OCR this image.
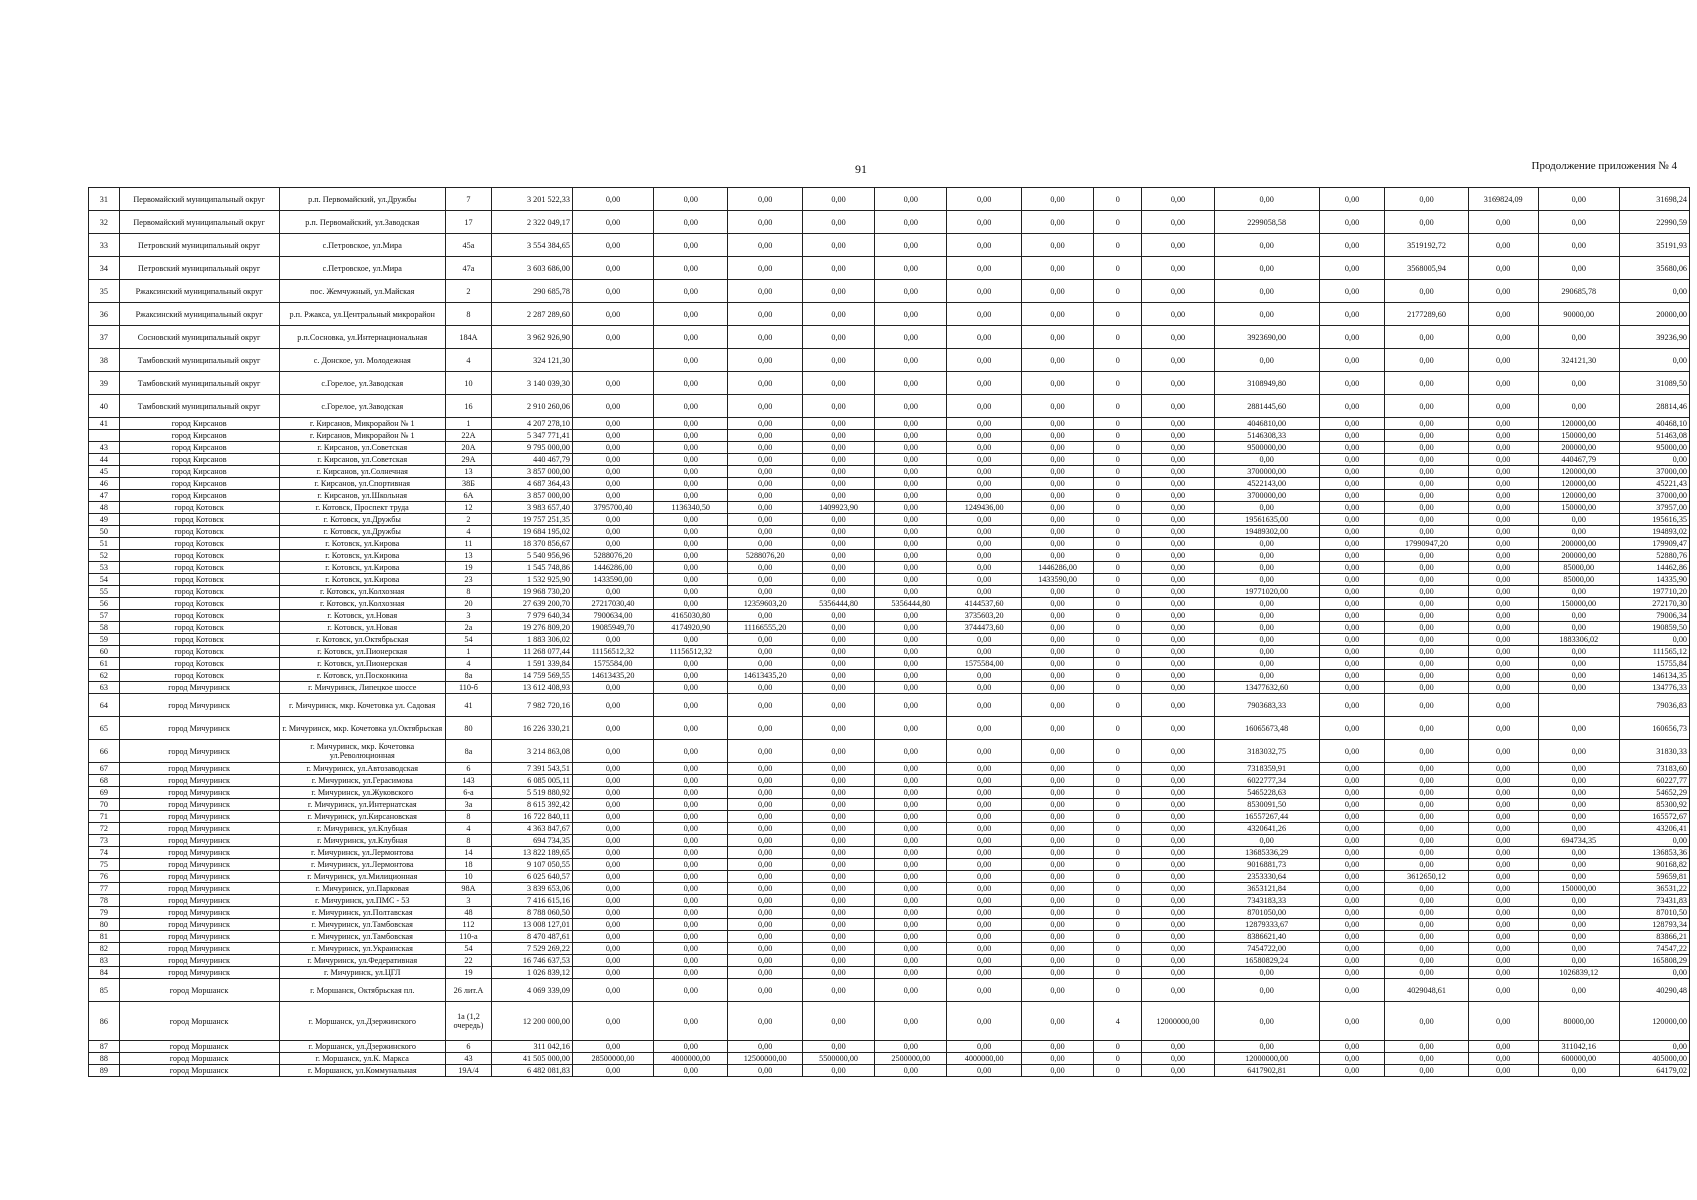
91	Продолжение приложения № 4
31	Первомайский муниципальный округ	р.п. Первомайский, ул.Дружбы	7	3 201 522,33	0,00	0,00	0,00	0,00	0,00	0,00	0,00	0	0,00	0,00	0,00	0,00	3169824,09	0,00	31698,24
32	Первомайский муниципальный округ	р.п. Первомайский, ул.Заводская	17	2 322 049,17	0,00	0,00	0,00	0,00	0,00	0,00	0,00	0	0,00	2299058,58	0,00	0,00	0,00	0,00	22990,59
33	Петровский муниципальный округ	с.Петровское, ул.Мира	45а	3 554 384,65	0,00	0,00	0,00	0,00	0,00	0,00	0,00	0	0,00	0,00	0,00	3519192,72	0,00	0,00	35191,93
34	Петровский муниципальный округ	с.Петровское, ул.Мира	47а	3 603 686,00	0,00	0,00	0,00	0,00	0,00	0,00	0,00	0	0,00	0,00	0,00	3568005,94	0,00	0,00	35680,06
35	Ржаксинский муниципальный округ	пос. Жемчужный, ул.Майская	2	290 685,78	0,00	0,00	0,00	0,00	0,00	0,00	0,00	0	0,00	0,00	0,00	0,00	0,00	290685,78	0,00
36	Ржаксинский муниципальный округ	р.п. Ржакса, ул.Центральный микрорайон	8	2 287 289,60	0,00	0,00	0,00	0,00	0,00	0,00	0,00	0	0,00	0,00	0,00	2177289,60	0,00	90000,00	20000,00
37	Сосновский муниципальный округ	р.п.Сосновка, ул.Интернациональная	184А	3 962 926,90	0,00	0,00	0,00	0,00	0,00	0,00	0,00	0	0,00	3923690,00	0,00	0,00	0,00	0,00	39236,90
38	Тамбовский муниципальный округ	с. Донское, ул. Молодежная	4	324 121,30		0,00	0,00	0,00	0,00	0,00	0,00	0	0,00	0,00	0,00	0,00	0,00	324121,30	0,00
39	Тамбовский муниципальный округ	с.Горелое, ул.Заводская	10	3 140 039,30	0,00	0,00	0,00	0,00	0,00	0,00	0,00	0	0,00	3108949,80	0,00	0,00	0,00	0,00	31089,50
40	Тамбовский муниципальный округ	с.Горелое, ул.Заводская	16	2 910 260,06	0,00	0,00	0,00	0,00	0,00	0,00	0,00	0	0,00	2881445,60	0,00	0,00	0,00	0,00	28814,46
41	город Кирсанов	г. Кирсанов, Микрорайон № 1	1	4 207 278,10	0,00	0,00	0,00	0,00	0,00	0,00	0,00	0	0,00	4046810,00	0,00	0,00	0,00	120000,00	40468,10
	город Кирсанов	г. Кирсанов, Микрорайон № 1	22А	5 347 771,41	0,00	0,00	0,00	0,00	0,00	0,00	0,00	0	0,00	5146308,33	0,00	0,00	0,00	150000,00	51463,08
43	город Кирсанов	г. Кирсанов, ул.Советская	20А	9 795 000,00	0,00	0,00	0,00	0,00	0,00	0,00	0,00	0	0,00	9500000,00	0,00	0,00	0,00	200000,00	95000,00
44	город Кирсанов	г. Кирсанов, ул.Советская	29А	440 467,79	0,00	0,00	0,00	0,00	0,00	0,00	0,00	0	0,00	0,00	0,00	0,00	0,00	440467,79	0,00
45	город Кирсанов	г. Кирсанов, ул.Солнечная	13	3 857 000,00	0,00	0,00	0,00	0,00	0,00	0,00	0,00	0	0,00	3700000,00	0,00	0,00	0,00	120000,00	37000,00
46	город Кирсанов	г. Кирсанов, ул.Спортивная	38Б	4 687 364,43	0,00	0,00	0,00	0,00	0,00	0,00	0,00	0	0,00	4522143,00	0,00	0,00	0,00	120000,00	45221,43
47	город Кирсанов	г. Кирсанов, ул.Школьная	6А	3 857 000,00	0,00	0,00	0,00	0,00	0,00	0,00	0,00	0	0,00	3700000,00	0,00	0,00	0,00	120000,00	37000,00
48	город Котовск	г. Котовск, Проспект труда	12	3 983 657,40	3795700,40	1136340,50	0,00	1409923,90	0,00	1249436,00	0,00	0	0,00	0,00	0,00	0,00	0,00	150000,00	37957,00
49	город Котовск	г. Котовск, ул.Дружбы	2	19 757 251,35	0,00	0,00	0,00	0,00	0,00	0,00	0,00	0	0,00	19561635,00	0,00	0,00	0,00	0,00	195616,35
50	город Котовск	г. Котовск, ул.Дружбы	4	19 684 195,02	0,00	0,00	0,00	0,00	0,00	0,00	0,00	0	0,00	19489302,00	0,00	0,00	0,00	0,00	194893,02
51	город Котовск	г. Котовск, ул.Кирова	11	18 370 856,67	0,00	0,00	0,00	0,00	0,00	0,00	0,00	0	0,00	0,00	0,00	17990947,20	0,00	200000,00	179909,47
52	город Котовск	г. Котовск, ул.Кирова	13	5 540 956,96	5288076,20	0,00	5288076,20	0,00	0,00	0,00	0,00	0	0,00	0,00	0,00	0,00	0,00	200000,00	52880,76
53	город Котовск	г. Котовск, ул.Кирова	19	1 545 748,86	1446286,00	0,00	0,00	0,00	0,00	0,00	1446286,00	0	0,00	0,00	0,00	0,00	0,00	85000,00	14462,86
54	город Котовск	г. Котовск, ул.Кирова	23	1 532 925,90	1433590,00	0,00	0,00	0,00	0,00	0,00	1433590,00	0	0,00	0,00	0,00	0,00	0,00	85000,00	14335,90
55	город Котовск	г. Котовск, ул.Колхозная	8	19 968 730,20	0,00	0,00	0,00	0,00	0,00	0,00	0,00	0	0,00	19771020,00	0,00	0,00	0,00	0,00	197710,20
56	город Котовск	г. Котовск, ул.Колхозная	20	27 639 200,70	27217030,40	0,00	12359603,20	5356444,80	5356444,80	4144537,60	0,00	0	0,00	0,00	0,00	0,00	0,00	150000,00	272170,30
57	город Котовск	г. Котовск, ул.Новая	3	7 979 640,34	7900634,00	4165030,80	0,00	0,00	0,00	3735603,20	0,00	0	0,00	0,00	0,00	0,00	0,00	0,00	79006,34
58	город Котовск	г. Котовск, ул.Новая	2а	19 276 809,20	19085949,70	4174920,90	11166555,20	0,00	0,00	3744473,60	0,00	0	0,00	0,00	0,00	0,00	0,00	0,00	190859,50
59	город Котовск	г. Котовск, ул.Октябрьская	54	1 883 306,02	0,00	0,00	0,00	0,00	0,00	0,00	0,00	0	0,00	0,00	0,00	0,00	0,00	1883306,02	0,00
60	город Котовск	г. Котовск, ул.Пионерская	1	11 268 077,44	11156512,32	11156512,32	0,00	0,00	0,00	0,00	0,00	0	0,00	0,00	0,00	0,00	0,00	0,00	111565,12
61	город Котовск	г. Котовск, ул.Пионерская	4	1 591 339,84	1575584,00	0,00	0,00	0,00	0,00	1575584,00	0,00	0	0,00	0,00	0,00	0,00	0,00	0,00	15755,84
62	город Котовск	г. Котовск, ул.Посконкина	8а	14 759 569,55	14613435,20	0,00	14613435,20	0,00	0,00	0,00	0,00	0	0,00	0,00	0,00	0,00	0,00	0,00	146134,35
63	город Мичуринск	г. Мичуринск, Липецкое шоссе	110-б	13 612 408,93	0,00	0,00	0,00	0,00	0,00	0,00	0,00	0	0,00	13477632,60	0,00	0,00	0,00	0,00	134776,33
64	город Мичуринск	г. Мичуринск, мкр. Кочетовка ул. Садовая	41	7 982 720,16	0,00	0,00	0,00	0,00	0,00	0,00	0,00	0	0,00	7903683,33	0,00	0,00	0,00		79036,83
65	город Мичуринск	г. Мичуринск, мкр. Кочетовка ул.Октябрьская	80	16 226 330,21	0,00	0,00	0,00	0,00	0,00	0,00	0,00	0	0,00	16065673,48	0,00	0,00	0,00	0,00	160656,73
66	город Мичуринск	г. Мичуринск, мкр. Кочетовка ул.Революционная	8а	3 214 863,08	0,00	0,00	0,00	0,00	0,00	0,00	0,00	0	0,00	3183032,75	0,00	0,00	0,00	0,00	31830,33
67	город Мичуринск	г. Мичуринск, ул.Автозаводская	6	7 391 543,51	0,00	0,00	0,00	0,00	0,00	0,00	0,00	0	0,00	7318359,91	0,00	0,00	0,00	0,00	73183,60
68	город Мичуринск	г. Мичуринск, ул.Герасимова	143	6 085 005,11	0,00	0,00	0,00	0,00	0,00	0,00	0,00	0	0,00	6022777,34	0,00	0,00	0,00	0,00	60227,77
69	город Мичуринск	г. Мичуринск, ул.Жуковского	6-а	5 519 880,92	0,00	0,00	0,00	0,00	0,00	0,00	0,00	0	0,00	5465228,63	0,00	0,00	0,00	0,00	54652,29
70	город Мичуринск	г. Мичуринск, ул.Интернатская	3а	8 615 392,42	0,00	0,00	0,00	0,00	0,00	0,00	0,00	0	0,00	8530091,50	0,00	0,00	0,00	0,00	85300,92
71	город Мичуринск	г. Мичуринск, ул.Кирсановская	8	16 722 840,11	0,00	0,00	0,00	0,00	0,00	0,00	0,00	0	0,00	16557267,44	0,00	0,00	0,00	0,00	165572,67
72	город Мичуринск	г. Мичуринск, ул.Клубная	4	4 363 847,67	0,00	0,00	0,00	0,00	0,00	0,00	0,00	0	0,00	4320641,26	0,00	0,00	0,00	0,00	43206,41
73	город Мичуринск	г. Мичуринск, ул.Клубная	8	694 734,35	0,00	0,00	0,00	0,00	0,00	0,00	0,00	0	0,00	0,00	0,00	0,00	0,00	694734,35	0,00
74	город Мичуринск	г. Мичуринск, ул.Лермонтова	14	13 822 189,65	0,00	0,00	0,00	0,00	0,00	0,00	0,00	0	0,00	13685336,29	0,00	0,00	0,00	0,00	136853,36
75	город Мичуринск	г. Мичуринск, ул.Лермонтова	18	9 107 050,55	0,00	0,00	0,00	0,00	0,00	0,00	0,00	0	0,00	9016881,73	0,00	0,00	0,00	0,00	90168,82
76	город Мичуринск	г. Мичуринск, ул.Милиционная	10	6 025 640,57	0,00	0,00	0,00	0,00	0,00	0,00	0,00	0	0,00	2353330,64	0,00	3612650,12	0,00	0,00	59659,81
77	город Мичуринск	г. Мичуринск, ул.Парковая	98А	3 839 653,06	0,00	0,00	0,00	0,00	0,00	0,00	0,00	0	0,00	3653121,84	0,00	0,00	0,00	150000,00	36531,22
78	город Мичуринск	г. Мичуринск, ул.ПМС - 53	3	7 416 615,16	0,00	0,00	0,00	0,00	0,00	0,00	0,00	0	0,00	7343183,33	0,00	0,00	0,00	0,00	73431,83
79	город Мичуринск	г. Мичуринск, ул.Полтавская	48	8 788 060,50	0,00	0,00	0,00	0,00	0,00	0,00	0,00	0	0,00	8701050,00	0,00	0,00	0,00	0,00	87010,50
80	город Мичуринск	г. Мичуринск, ул.Тамбовская	112	13 008 127,01	0,00	0,00	0,00	0,00	0,00	0,00	0,00	0	0,00	12879333,67	0,00	0,00	0,00	0,00	128793,34
81	город Мичуринск	г. Мичуринск, ул.Тамбовская	110-а	8 470 487,61	0,00	0,00	0,00	0,00	0,00	0,00	0,00	0	0,00	8386621,40	0,00	0,00	0,00	0,00	83866,21
82	город Мичуринск	г. Мичуринск, ул.Украинская	54	7 529 269,22	0,00	0,00	0,00	0,00	0,00	0,00	0,00	0	0,00	7454722,00	0,00	0,00	0,00	0,00	74547,22
83	город Мичуринск	г. Мичуринск, ул.Федеративная	22	16 746 637,53	0,00	0,00	0,00	0,00	0,00	0,00	0,00	0	0,00	16580829,24	0,00	0,00	0,00	0,00	165808,29
84	город Мичуринск	г. Мичуринск, ул.ЦГЛ	19	1 026 839,12	0,00	0,00	0,00	0,00	0,00	0,00	0,00	0	0,00	0,00	0,00	0,00	0,00	1026839,12	0,00
85	город Моршанск	г. Моршанск, Октябрьская пл.	26 лит.А	4 069 339,09	0,00	0,00	0,00	0,00	0,00	0,00	0,00	0	0,00	0,00	0,00	4029048,61	0,00	0,00	40290,48
86	город Моршанск	г. Моршанск, ул.Дзержинского	1а (1,2 очередь)	12 200 000,00	0,00	0,00	0,00	0,00	0,00	0,00	0,00	4	12000000,00	0,00	0,00	0,00	0,00	80000,00	120000,00
87	город Моршанск	г. Моршанск, ул.Дзержинского	6	311 042,16	0,00	0,00	0,00	0,00	0,00	0,00	0,00	0	0,00	0,00	0,00	0,00	0,00	311042,16	0,00
88	город Моршанск	г. Моршанск, ул.К. Маркса	43	41 505 000,00	28500000,00	4000000,00	12500000,00	5500000,00	2500000,00	4000000,00	0,00	0	0,00	12000000,00	0,00	0,00	0,00	600000,00	405000,00
89	город Моршанск	г. Моршанск, ул.Коммунальная	19А/4	6 482 081,83	0,00	0,00	0,00	0,00	0,00	0,00	0,00	0	0,00	6417902,81	0,00	0,00	0,00	0,00	64179,02
